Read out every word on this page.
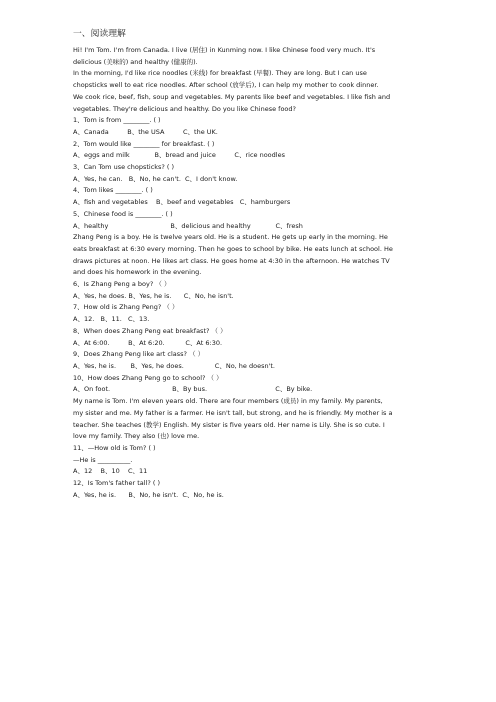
一、阅读理解

Hi! I'm Tom. I'm from Canada. I live (居住) in Kunming now. I like Chinese food very much. It's

delicious (美味的) and healthy (健康的).

In the morning, I'd like rice noodles (米线) for breakfast (早餐). They are long. But I can use

chopsticks well to eat rice noodles. After school (放学后), I can help my mother to cook dinner.

We cook rice, beef, fish, soup and vegetables. My parents like beef and vegetables. I like fish and

vegetables. They're delicious and healthy. Do you like Chinese food?

1、Tom is from ________. ( )

A、Canada         B、the USA         C、the UK.

2、Tom would like ________ for breakfast. ( )

A、eggs and milk            B、bread and juice         C、rice noodles

3、Can Tom use chopsticks? ( )

A、Yes, he can.   B、No, he can't.  C、I don't know.

4、Tom likes ________. ( )

A、fish and vegetables    B、beef and vegetables   C、hamburgers

5、Chinese food is ________. ( )

A、healthy                              B、delicious and healthy            C、fresh

Zhang Peng is a boy. He is twelve years old. He is a student. He gets up early in the morning. He

eats breakfast at 6:30 every morning. Then he goes to school by bike. He eats lunch at school. He

draws pictures at noon. He likes art class. He goes home at 4:30 in the afternoon. He watches TV

and does his homework in the evening.

6、Is Zhang Peng a boy? （ ）

A、Yes, he does. B、Yes, he is.      C、No, he isn't.

7、How old is Zhang Peng? （ ）

A、12.   B、11.   C、13.

8、When does Zhang Peng eat breakfast? （ ）

A、At 6:00.         B、At 6:20.          C、At 6:30.

9、Does Zhang Peng like art class? （ ）

A、Yes, he is.       B、Yes, he does.               C、No, he doesn't.

10、How does Zhang Peng go to school? （ ）

A、On foot.                              B、By bus.                                 C、By bike.

My name is Tom. I'm eleven years old. There are four members (成员) in my family. My parents,

my sister and me. My father is a farmer. He isn't tall, but strong, and he is friendly. My mother is a

teacher. She teaches (教学) English. My sister is five years old. Her name is Lily. She is so cute. I

love my family. They also (也) love me.

11、—How old is Tom? ( )

—He is __________.

A、12    B、10    C、11

12、Is Tom's father tall? ( )

A、Yes, he is.      B、No, he isn't.  C、No, he is.
